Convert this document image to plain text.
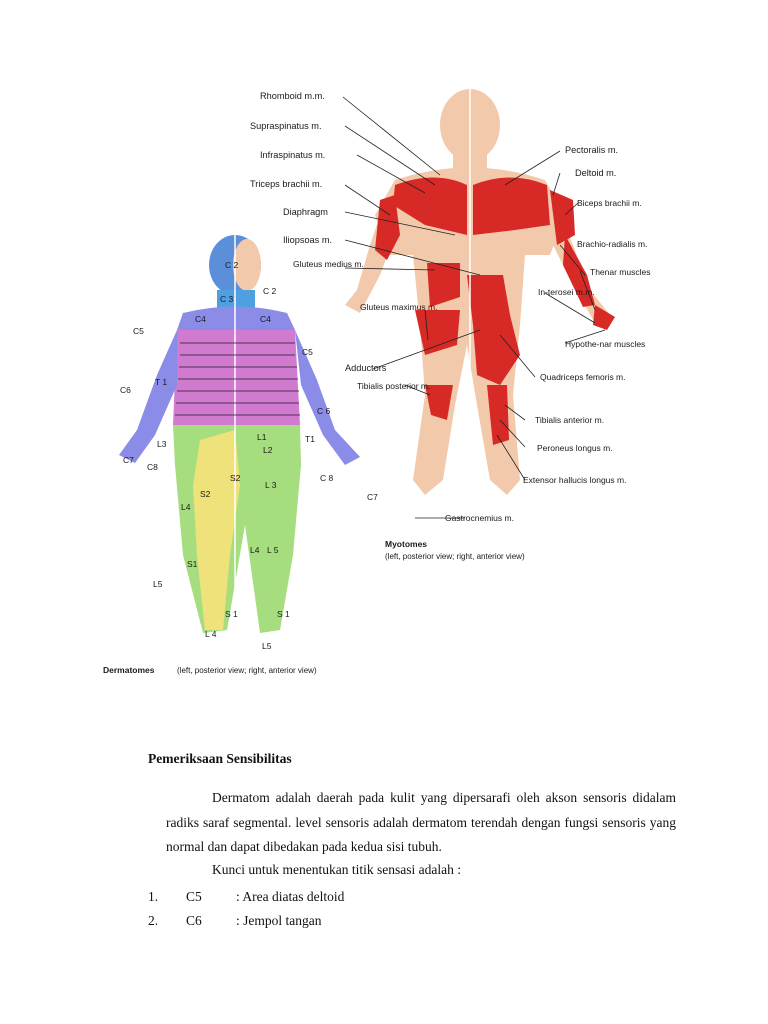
Rhomboid m.m.
Supraspinatus m.
Infraspinatus m.
Triceps brachii m.
Diaphragm
Iliopsoas m.
Gluteus medius m.
Gluteus maximus m.
Adductors
Tibialis posterior m.
Pectoralis m.
Deltoid m.
Biceps brachii m.
Brachio-radialis m.
Thenar muscles
In-terosei m.m.
Hypothe-nar muscles
Quadriceps femoris m.
Tibialis anterior m.
Peroneus longus m.
Extensor hallucis longus m.
Gastrocnemius m.
Myotomes
(left, posterior view; right, anterior view)
C 2
C 3
C 2
C4	C4
C5
C5
C6
C 6
C7
C7
C8
C 8
T 1
T1
L1
L2
L3
L 3
L4
L4 L 5
L5
L5
L 4
S1
S 1	S 1
S2
S2
Dermatomes	(left, posterior view; right, anterior view)
Pemeriksaan Sensibilitas
Dermatom adalah daerah pada kulit yang dipersarafi oleh akson sensoris didalam radiks saraf segmental. level sensoris adalah dermatom terendah dengan fungsi sensoris yang normal dan dapat dibedakan pada kedua sisi tubuh.
Kunci untuk menentukan titik sensasi adalah :
1.	C5	: Area diatas deltoid
2.	C6	: Jempol tangan
